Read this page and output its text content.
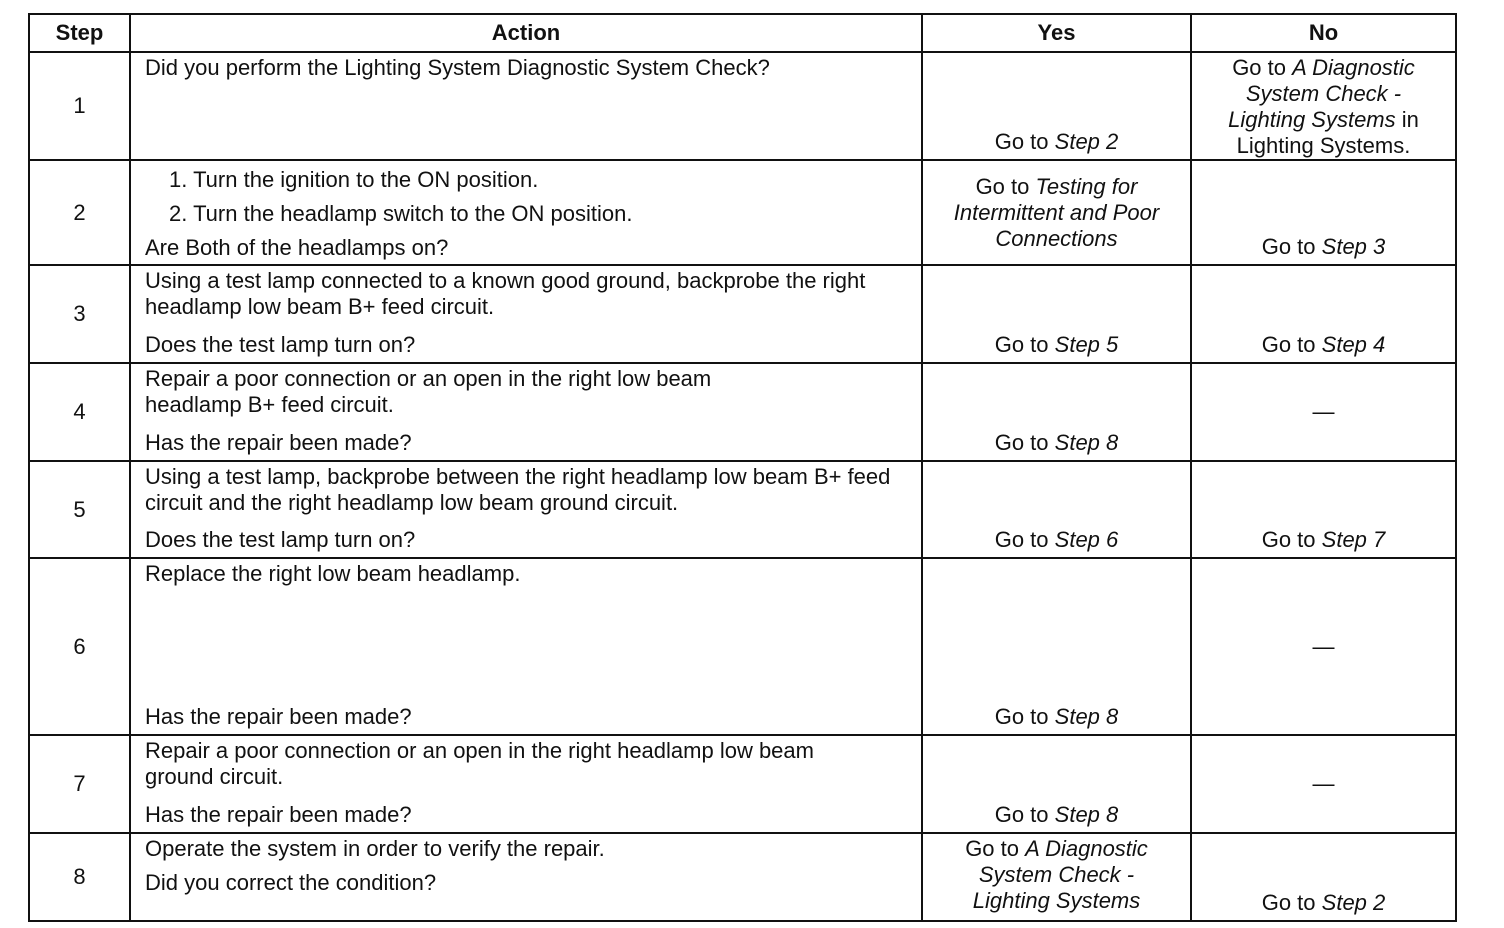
Step	Action	Yes	No
1	Did you perform the Lighting System Diagnostic System Check?	Go to Step 2	Go to A Diagnostic System Check - Lighting Systems in Lighting Systems.

2	1. Turn the ignition to the ON position.
2. Turn the headlamp switch to the ON position.
Are Both of the headlamps on?	Go to Testing for Intermittent and Poor Connections	Go to Step 3

3	Using a test lamp connected to a known good ground, backprobe the right headlamp low beam B+ feed circuit.
Does the test lamp turn on?	Go to Step 5	Go to Step 4

4	Repair a poor connection or an open in the right low beam headlamp B+ feed circuit.
Has the repair been made?	Go to Step 8	—

5	Using a test lamp, backprobe between the right headlamp low beam B+ feed circuit and the right headlamp low beam ground circuit.
Does the test lamp turn on?	Go to Step 6	Go to Step 7

6	Replace the right low beam headlamp.
Has the repair been made?	Go to Step 8	—

7	Repair a poor connection or an open in the right headlamp low beam ground circuit.
Has the repair been made?	Go to Step 8	—

8	Operate the system in order to verify the repair.
Did you correct the condition?	Go to A Diagnostic System Check - Lighting Systems	Go to Step 2
